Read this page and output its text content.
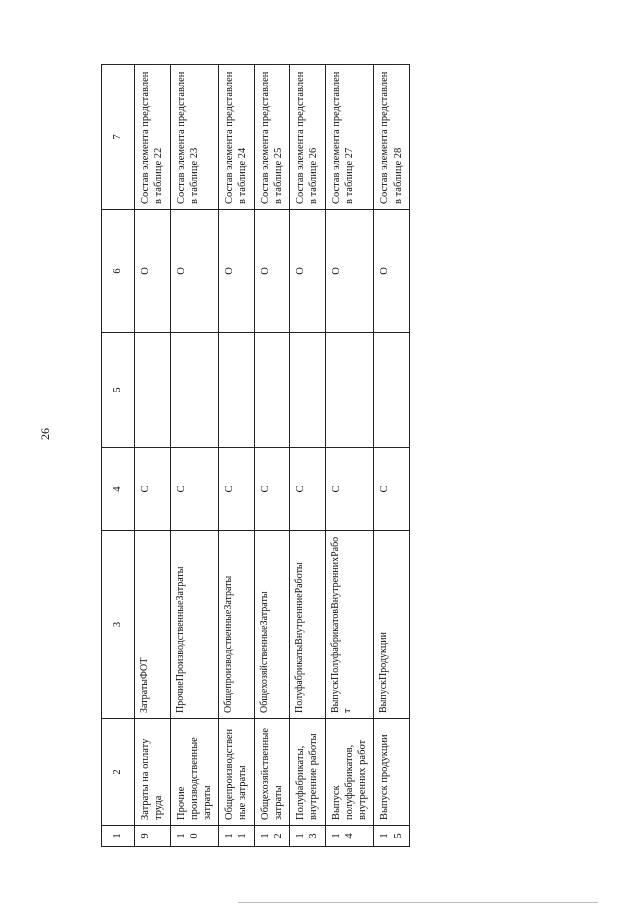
26
1	2	3	4	5	6	7
9	Затраты на оплату труда	ЗатратыФОТ	С		О	Состав элемента представлен в таблице 22
10	Прочие производственные затраты	ПрочиеПроизводственныеЗатраты	С		О	Состав элемента представлен в таблице 23
11	Общепроизводственные затраты	ОбщепроизводственныеЗатраты	С		О	Состав элемента представлен в таблице 24
12	Общехозяйственные затраты	ОбщехозяйственныеЗатраты	С		О	Состав элемента представлен в таблице 25
13	Полуфабрикаты, внутренние работы	ПолуфабрикатыВнутренниеРаботы	С		О	Состав элемента представлен в таблице 26
14	Выпуск полуфабрикатов, внутренних работ	ВыпускПолуфабрикатовВнутреннихРабот	С		О	Состав элемента представлен в таблице 27
15	Выпуск продукции	ВыпускПродукции	С		О	Состав элемента представлен в таблице 28
